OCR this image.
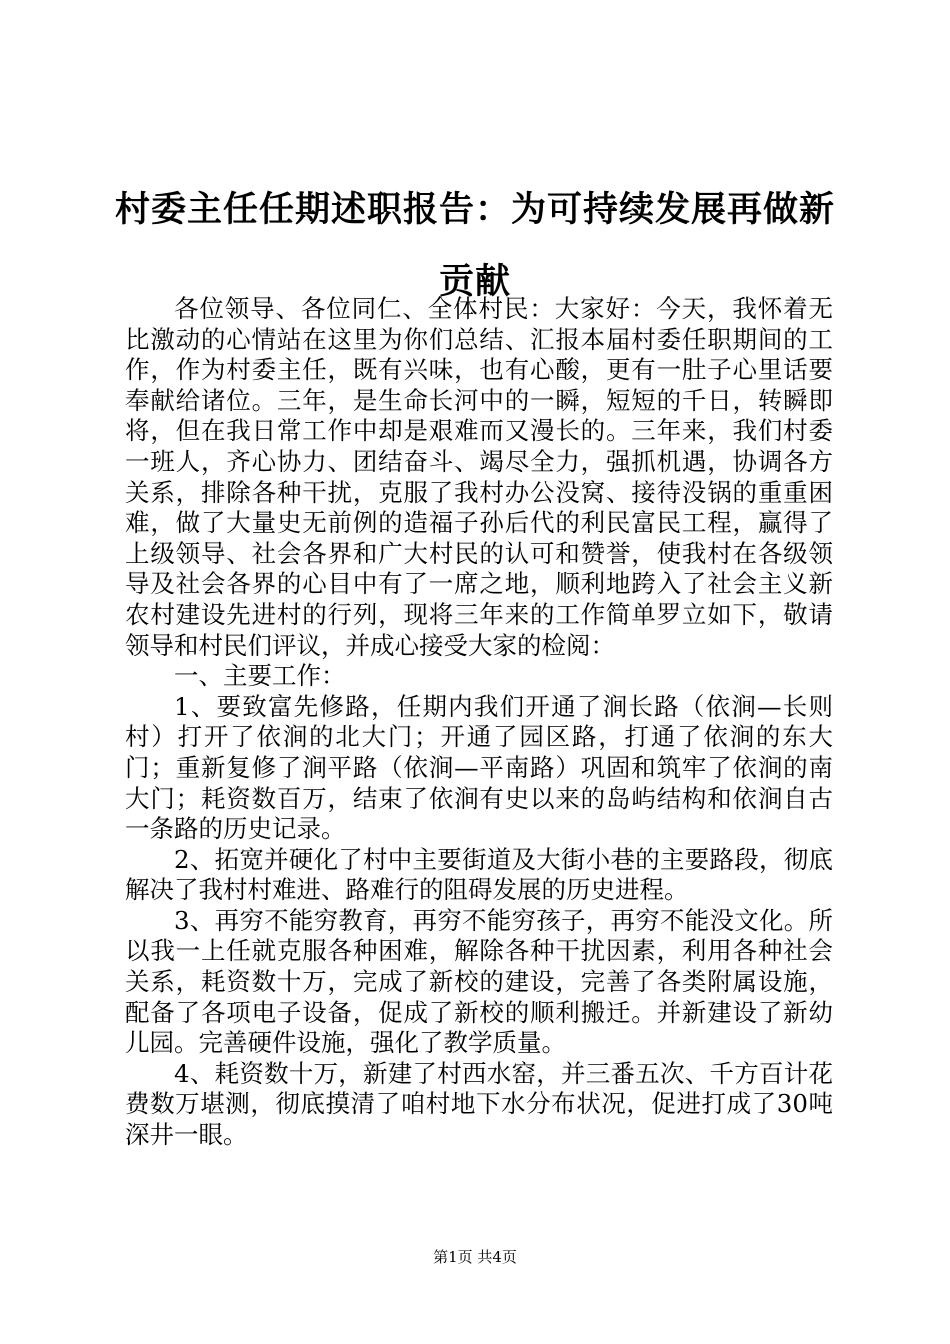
村委主任任期述职报告：为可持续发展再做新贡献

各位领导、各位同仁、全体村民：大家好：今天，我怀着无比激动的心情站在这里为你们总结、汇报本届村委任职期间的工作，作为村委主任，既有兴味，也有心酸，更有一肚子心里话要奉献给诸位。三年，是生命长河中的一瞬，短短的千日，转瞬即将，但在我日常工作中却是艰难而又漫长的。三年来，我们村委一班人，齐心协力、团结奋斗、竭尽全力，强抓机遇，协调各方关系，排除各种干扰，克服了我村办公没窝、接待没锅的重重困难，做了大量史无前例的造福子孙后代的利民富民工程，赢得了上级领导、社会各界和广大村民的认可和赞誉，使我村在各级领导及社会各界的心目中有了一席之地，顺利地跨入了社会主义新农村建设先进村的行列，现将三年来的工作简单罗立如下，敬请领导和村民们评议，并成心接受大家的检阅：

一、主要工作：

1、要致富先修路，任期内我们开通了涧长路（依涧—长则村）打开了依涧的北大门；开通了园区路，打通了依涧的东大门；重新复修了涧平路（依涧—平南路）巩固和筑牢了依涧的南大门；耗资数百万，结束了依涧有史以来的岛屿结构和依涧自古一条路的历史记录。

2、拓宽并硬化了村中主要街道及大街小巷的主要路段，彻底解决了我村村难进、路难行的阻碍发展的历史进程。

3、再穷不能穷教育，再穷不能穷孩子，再穷不能没文化。所以我一上任就克服各种困难，解除各种干扰因素，利用各种社会关系，耗资数十万，完成了新校的建设，完善了各类附属设施，配备了各项电子设备，促成了新校的顺利搬迁。并新建设了新幼儿园。完善硬件设施，强化了教学质量。

4、耗资数十万，新建了村西水窑，并三番五次、千方百计花费数万堪测，彻底摸清了咱村地下水分布状况，促进打成了30吨深井一眼。

第1页 共4页
